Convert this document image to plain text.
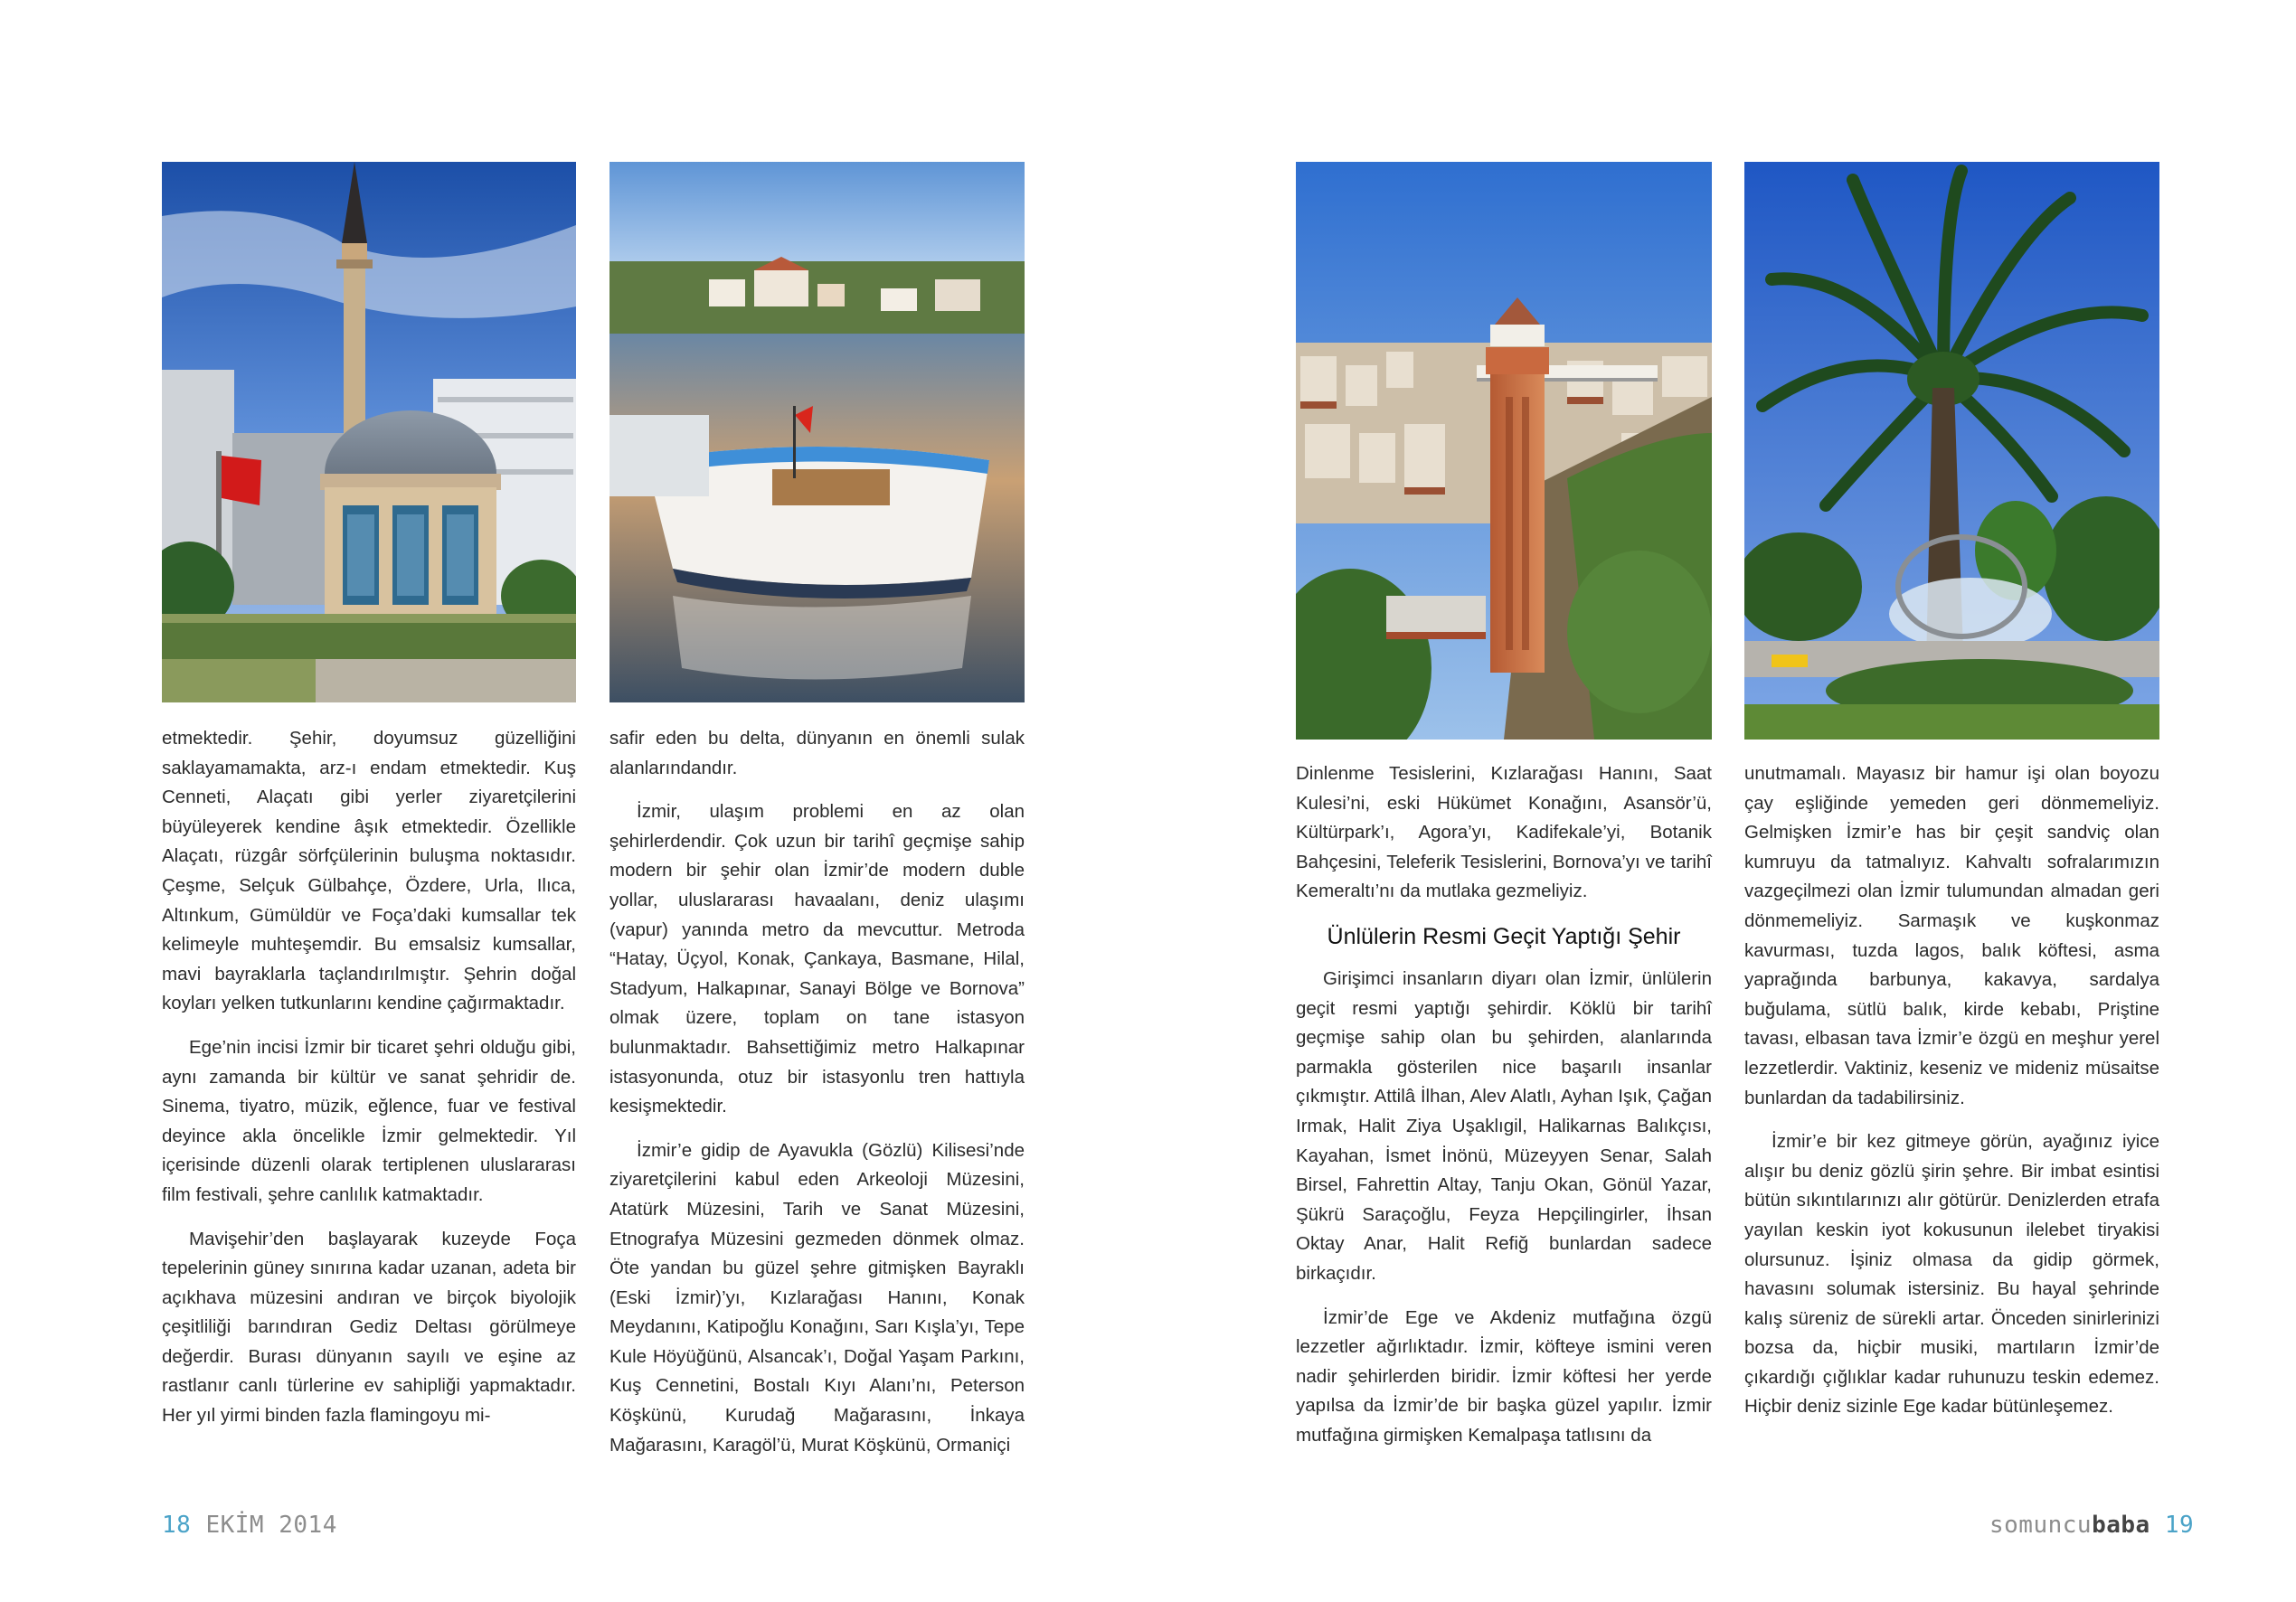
etmektedir. Şehir, doyumsuz güzelliğini saklayamamakta, arz-ı endam etmektedir. Kuş Cenneti, Alaçatı gibi yerler ziyaretçilerini büyüleyerek kendine âşık etmektedir. Özellikle Alaçatı, rüzgâr sörfçülerinin buluşma noktasıdır. Çeşme, Selçuk Gülbahçe, Özdere, Urla, Ilıca, Altınkum, Gümüldür ve Foça’daki kumsallar tek kelimeyle muhteşemdir. Bu emsalsiz kumsallar, mavi bayraklarla taçlandırılmıştır. Şehrin doğal koyları yelken tutkunlarını kendine çağırmaktadır.

Ege’nin incisi İzmir bir ticaret şehri olduğu gibi, aynı zamanda bir kültür ve sanat şehridir de. Sinema, tiyatro, müzik, eğlence, fuar ve festival deyince akla öncelikle İzmir gelmektedir. Yıl içerisinde düzenli olarak tertiplenen uluslararası film festivali, şehre canlılık katmaktadır.

Mavişehir’den başlayarak kuzeyde Foça tepelerinin güney sınırına kadar uzanan, adeta bir açıkhava müzesini andıran ve birçok biyolojik çeşitliliği barındıran Gediz Deltası görülmeye değerdir. Burası dünyanın sayılı ve eşine az rastlanır canlı türlerine ev sahipliği yapmaktadır. Her yıl yirmi binden fazla flamingoyu mi-

safir eden bu delta, dünyanın en önemli sulak alanlarındandır.

İzmir, ulaşım problemi en az olan şehirlerdendir. Çok uzun bir tarihî geçmişe sahip modern bir şehir olan İzmir’de modern duble yollar, uluslararası havaalanı, deniz ulaşımı (vapur) yanında metro da mevcuttur. Metroda “Hatay, Üçyol, Konak, Çankaya, Basmane, Hilal, Stadyum, Halkapınar, Sanayi Bölge ve Bornova” olmak üzere, toplam on tane istasyon bulunmaktadır. Bahsettiğimiz metro Halkapınar istasyonunda, otuz bir istasyonlu tren hattıyla kesişmektedir.

İzmir’e gidip de Ayavukla (Gözlü) Kilisesi’nde ziyaretçilerini kabul eden Arkeoloji Müzesini, Atatürk Müzesini, Tarih ve Sanat Müzesini, Etnografya Müzesini gezmeden dönmek olmaz. Öte yandan bu güzel şehre gitmişken Bayraklı (Eski İzmir)’yı, Kızlarağası Hanını, Konak Meydanını, Katipoğlu Konağını, Sarı Kışla’yı, Tepe Kule Höyüğünü, Alsancak’ı, Doğal Yaşam Parkını, Kuş Cennetini, Bostalı Kıyı Alanı’nı, Peterson Köşkünü, Kurudağ Mağarasını, İnkaya Mağarasını, Karagöl’ü, Murat Köşkünü, Ormaniçi

18 EKİM 2014

Dinlenme Tesislerini, Kızlarağası Hanını, Saat Kulesi’ni, eski Hükümet Konağını, Asansör’ü, Kültürpark’ı, Agora’yı, Kadifekale’yi, Botanik Bahçesini, Teleferik Tesislerini, Bornova’yı ve tarihî Kemeraltı’nı da mutlaka gezmeliyiz.

Ünlülerin Resmi Geçit Yaptığı Şehir

Girişimci insanların diyarı olan İzmir, ünlülerin geçit resmi yaptığı şehirdir. Köklü bir tarihî geçmişe sahip olan bu şehirden, alanlarında parmakla gösterilen nice başarılı insanlar çıkmıştır. Attilâ İlhan, Alev Alatlı, Ayhan Işık, Çağan Irmak, Halit Ziya Uşaklıgil, Halikarnas Balıkçısı, Kayahan, İsmet İnönü, Müzeyyen Senar, Salah Birsel, Fahrettin Altay, Tanju Okan, Gönül Yazar, Şükrü Saraçoğlu, Feyza Hepçilingirler, İhsan Oktay Anar, Halit Refiğ bunlardan sadece birkaçıdır.

İzmir’de Ege ve Akdeniz mutfağına özgü lezzetler ağırlıktadır. İzmir, köfteye ismini veren nadir şehirlerden biridir. İzmir köftesi her yerde yapılsa da İzmir’de bir başka güzel yapılır. İzmir mutfağına girmişken Kemalpaşa tatlısını da

unutmamalı. Mayasız bir hamur işi olan boyozu çay eşliğinde yemeden geri dönmemeliyiz. Gelmişken İzmir’e has bir çeşit sandviç olan kumruyu da tatmalıyız. Kahvaltı sofralarımızın vazgeçilmezi olan İzmir tulumundan almadan geri dönmemeliyiz. Sarmaşık ve kuşkonmaz kavurması, tuzda lagos, balık köftesi, asma yaprağında barbunya, kakavya, sardalya buğulama, sütlü balık, kirde kebabı, Priştine tavası, elbasan tava İzmir’e özgü en meşhur yerel lezzetlerdir. Vaktiniz, keseniz ve mideniz müsaitse bunlardan da tadabilirsiniz.

İzmir’e bir kez gitmeye görün, ayağınız iyice alışır bu deniz gözlü şirin şehre. Bir imbat esintisi bütün sıkıntılarınızı alır götürür. Denizlerden etrafa yayılan keskin iyot kokusunun ilelebet tiryakisi olursunuz. İşiniz olmasa da gidip görmek, havasını solumak istersiniz. Bu hayal şehrinde kalış süreniz de sürekli artar. Önceden sinirlerinizi bozsa da, hiçbir musiki, martıların İzmir’de çıkardığı çığlıklar kadar ruhunuzu teskin edemez. Hiçbir deniz sizinle Ege kadar bütünleşemez.

somuncubaba 19
